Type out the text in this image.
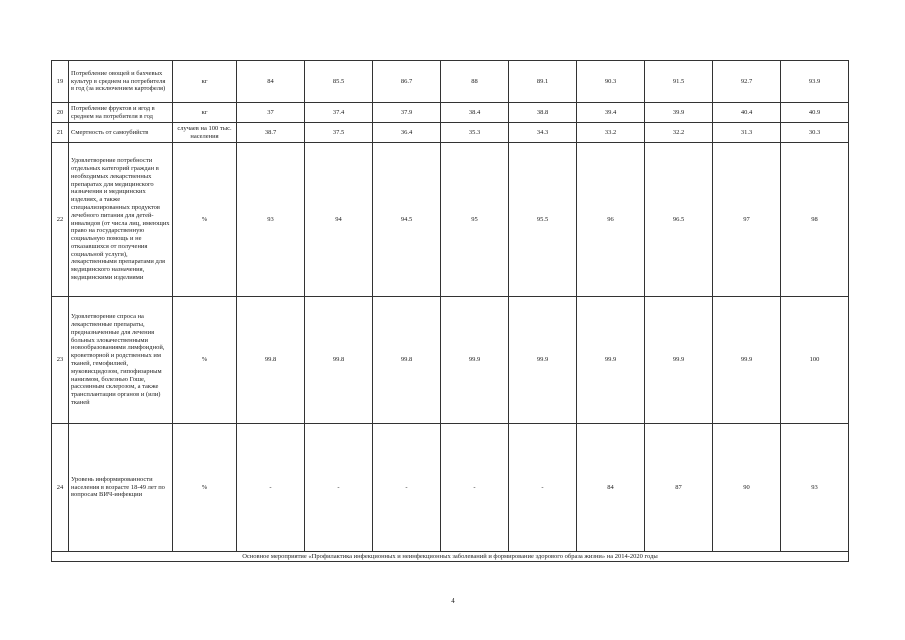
19	Потребление овощей и бахчевых культур в среднем на потребителя в год (за исключением картофеля)	кг	84	85.5	86.7	88	89.1	90.3	91.5	92.7	93.9
20	Потребление фруктов и ягод в среднем на потребителя в год	кг	37	37.4	37.9	38.4	38.8	39.4	39.9	40.4	40.9
21	Смертность от самоубийств	случаев на 100 тыс. населения	38.7	37.5	36.4	35.3	34.3	33.2	32.2	31.3	30.3
22	Удовлетворение потребности отдельных категорий граждан в необходимых лекарственных препаратах для медицинского назначения и медицинских изделиях, а также специализированных продуктов лечебного питания для детей-инвалидов (от числа лиц, имеющих право на государственную социальную помощь и не отказавшихся от получения социальной услуги), лекарственными препаратами для медицинского назначения, медицинскими изделиями	%	93	94	94.5	95	95.5	96	96.5	97	98
23	Удовлетворение спроса на лекарственные препараты, предназначенные для лечения больных злокачественными новообразованиями лимфоидной, кроветворной и родственных им тканей, гемофилией, муковисцидозом, гипофизарным нанизмом, болезнью Гоше, рассеянным склерозом, а также трансплантации органов и (или) тканей	%	99.8	99.8	99.8	99.9	99.9	99.9	99.9	99.9	100
24	Уровень информированности населения в возрасте 18-49 лет по вопросам ВИЧ-инфекции	%	-	-	-	-	-	84	87	90	93
Основное мероприятие «Профилактика инфекционных и неинфекционных заболеваний и формирование здорового образа жизни» на 2014-2020 годы											
4
